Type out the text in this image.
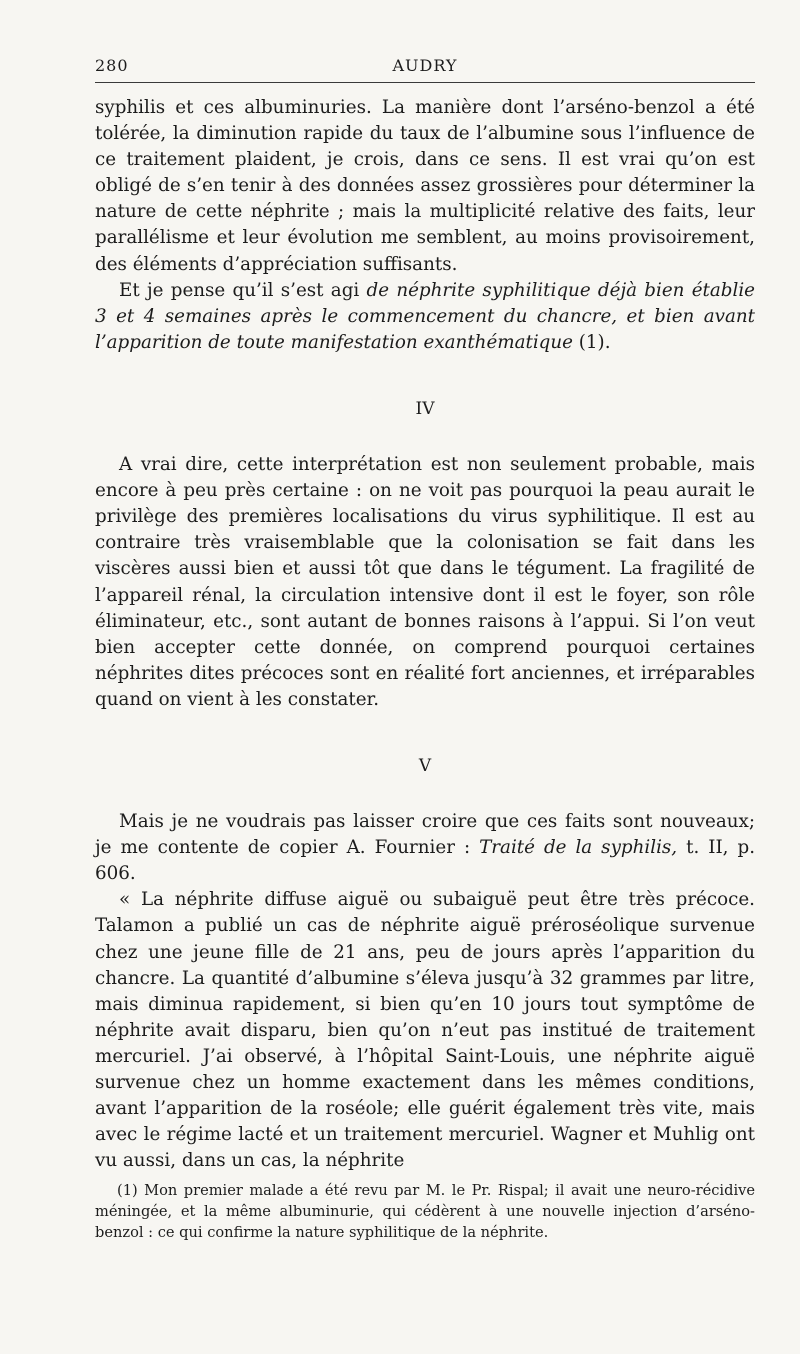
280	AUDRY

syphilis et ces albuminuries. La manière dont l’arséno-benzol a été tolérée, la diminution rapide du taux de l’albumine sous l’influence de ce traitement plaident, je crois, dans ce sens. Il est vrai qu’on est obligé de s’en tenir à des données assez grossières pour déterminer la nature de cette néphrite ; mais la multiplicité relative des faits, leur parallélisme et leur évolution me semblent, au moins provisoirement, des éléments d’appréciation suffisants.

Et je pense qu’il s’est agi de néphrite syphilitique déjà bien établie 3 et 4 semaines après le commencement du chancre, et bien avant l’apparition de toute manifestation exanthématique (1).

IV

A vrai dire, cette interprétation est non seulement probable, mais encore à peu près certaine : on ne voit pas pourquoi la peau aurait le privilège des premières localisations du virus syphilitique. Il est au contraire très vraisemblable que la colonisation se fait dans les viscères aussi bien et aussi tôt que dans le tégument. La fragilité de l’appareil rénal, la circulation intensive dont il est le foyer, son rôle éliminateur, etc., sont autant de bonnes raisons à l’appui. Si l’on veut bien accepter cette donnée, on comprend pourquoi certaines néphrites dites précoces sont en réalité fort anciennes, et irréparables quand on vient à les constater.

V

Mais je ne voudrais pas laisser croire que ces faits sont nouveaux; je me contente de copier A. Fournier : Traité de la syphilis, t. II, p. 606.

« La néphrite diffuse aiguë ou subaiguë peut être très précoce. Talamon a publié un cas de néphrite aiguë préroséolique survenue chez une jeune fille de 21 ans, peu de jours après l’apparition du chancre. La quantité d’albumine s’éleva jusqu’à 32 grammes par litre, mais diminua rapidement, si bien qu’en 10 jours tout symptôme de néphrite avait disparu, bien qu’on n’eut pas institué de traitement mercuriel. J’ai observé, à l’hôpital Saint-Louis, une néphrite aiguë survenue chez un homme exactement dans les mêmes conditions, avant l’apparition de la roséole; elle guérit également très vite, mais avec le régime lacté et un traitement mercuriel. Wagner et Muhlig ont vu aussi, dans un cas, la néphrite

(1) Mon premier malade a été revu par M. le Pr. Rispal; il avait une neuro-récidive méningée, et la même albuminurie, qui cédèrent à une nouvelle injection d’arséno-benzol : ce qui confirme la nature syphilitique de la néphrite.
